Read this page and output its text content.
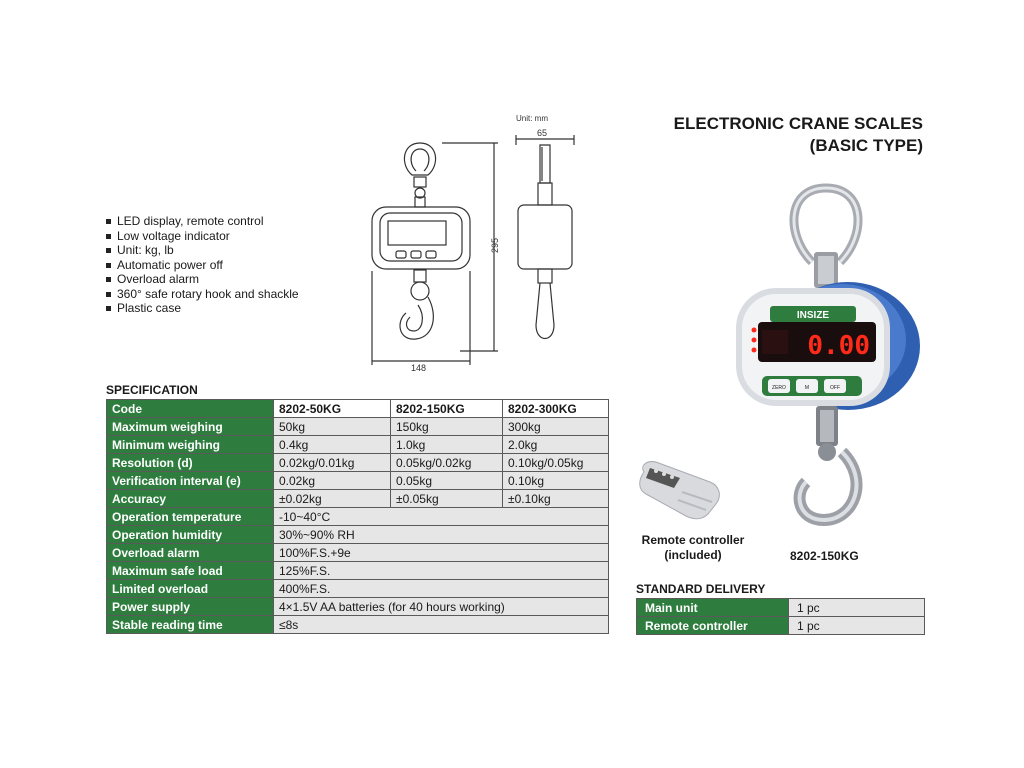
ELECTRONIC CRANE SCALES
(BASIC TYPE)
LED display, remote control
Low voltage indicator
Unit: kg, lb
Automatic power off
Overload alarm
360° safe rotary hook and shackle
Plastic case
Unit: mm
295
148
65
SPECIFICATION
Code	8202-50KG	8202-150KG	8202-300KG
Maximum weighing	50kg	150kg	300kg
Minimum weighing	0.4kg	1.0kg	2.0kg
Resolution (d)	0.02kg/0.01kg	0.05kg/0.02kg	0.10kg/0.05kg
Verification interval (e)	0.02kg	0.05kg	0.10kg
Accuracy	±0.02kg	±0.05kg	±0.10kg
Operation temperature	-10~40°C		
Operation humidity	30%~90% RH		
Overload alarm	100%F.S.+9e		
Maximum safe load	125%F.S.		
Limited overload	400%F.S.		
Power supply	4×1.5V AA batteries (for 40 hours working)		
Stable reading time	≤8s		
INSIZE
0.00
ZERO	M	OFF
Remote controller (included)	8202-150KG
STANDARD DELIVERY
Main unit	1 pc
Remote controller	1 pc
